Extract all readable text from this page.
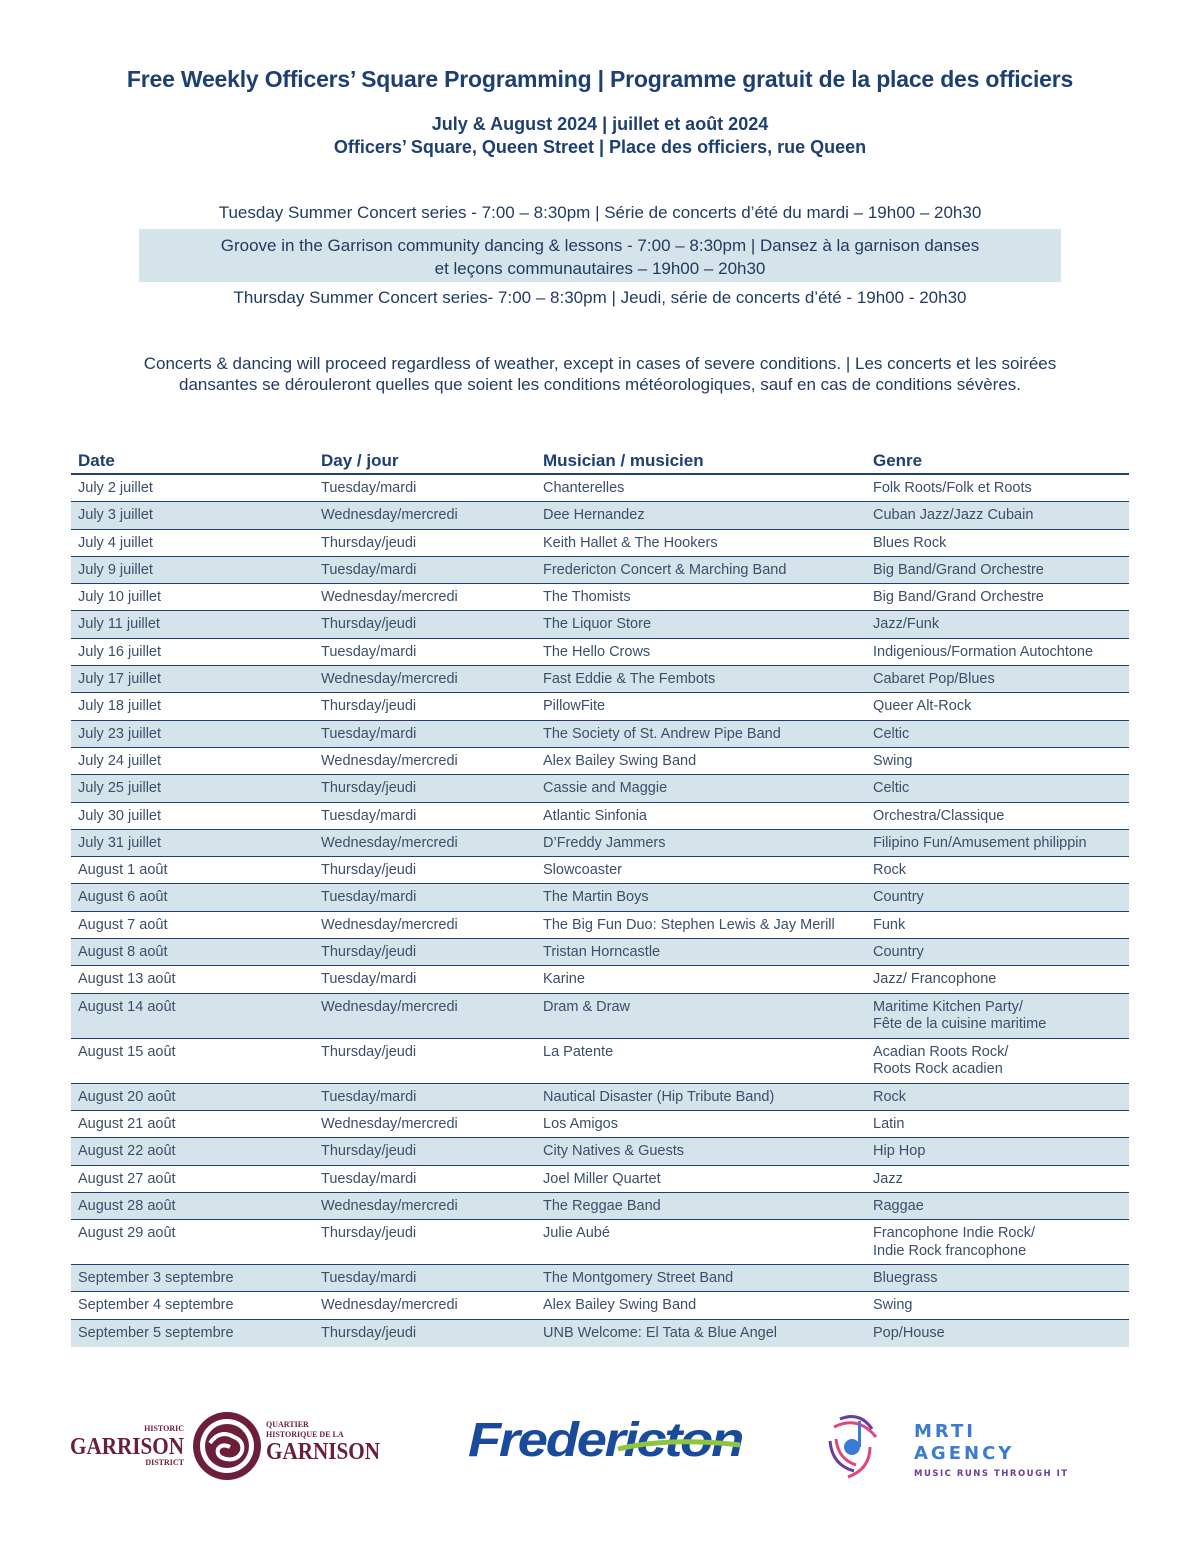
Free Weekly Officers’ Square Programming | Programme gratuit de la place des officiers
July & August 2024 | juillet et août 2024
Officers’ Square, Queen Street | Place des officiers, rue Queen
Tuesday Summer Concert series - 7:00 – 8:30pm | Série de concerts d’été du mardi – 19h00 – 20h30
Groove in the Garrison community dancing & lessons - 7:00 – 8:30pm | Dansez à la garnison danses
et leçons communautaires – 19h00 – 20h30
Thursday Summer Concert series- 7:00 – 8:30pm | Jeudi, série de concerts d’été - 19h00 - 20h30
Concerts & dancing will proceed regardless of weather, except in cases of severe conditions. | Les concerts et les soirées
dansantes se dérouleront quelles que soient les conditions météorologiques, sauf en cas de conditions sévères.
Date	Day / jour	Musician / musicien	Genre
July 2 juillet	Tuesday/mardi	Chanterelles	Folk Roots/Folk et Roots
July 3 juillet	Wednesday/mercredi	Dee Hernandez	Cuban Jazz/Jazz Cubain
July 4 juillet	Thursday/jeudi	Keith Hallet & The Hookers	Blues Rock
July 9 juillet	Tuesday/mardi	Fredericton Concert & Marching Band	Big Band/Grand Orchestre
July 10 juillet	Wednesday/mercredi	The Thomists	Big Band/Grand Orchestre
July 11 juillet	Thursday/jeudi	The Liquor Store	Jazz/Funk
July 16 juillet	Tuesday/mardi	The Hello Crows	Indigenious/Formation Autochtone
July 17 juillet	Wednesday/mercredi	Fast Eddie & The Fembots	Cabaret Pop/Blues
July 18 juillet	Thursday/jeudi	PillowFite	Queer Alt-Rock
July 23 juillet	Tuesday/mardi	The Society of St. Andrew Pipe Band	Celtic
July 24 juillet	Wednesday/mercredi	Alex Bailey Swing Band	Swing
July 25 juillet	Thursday/jeudi	Cassie and Maggie	Celtic
July 30 juillet	Tuesday/mardi	Atlantic Sinfonia	Orchestra/Classique
July 31 juillet	Wednesday/mercredi	D’Freddy Jammers	Filipino Fun/Amusement philippin
August 1 août	Thursday/jeudi	Slowcoaster	Rock
August 6 août	Tuesday/mardi	The Martin Boys	Country
August 7 août	Wednesday/mercredi	The Big Fun Duo: Stephen Lewis & Jay Merill	Funk
August 8 août	Thursday/jeudi	Tristan Horncastle	Country
August 13 août	Tuesday/mardi	Karine	Jazz/ Francophone
August 14 août	Wednesday/mercredi	Dram & Draw	Maritime Kitchen Party/
Fête de la cuisine maritime
August 15 août	Thursday/jeudi	La Patente	Acadian Roots Rock/
Roots Rock acadien
August 20 août	Tuesday/mardi	Nautical Disaster (Hip Tribute Band)	Rock
August 21 août	Wednesday/mercredi	Los Amigos	Latin
August 22 août	Thursday/jeudi	City Natives & Guests	Hip Hop
August 27 août	Tuesday/mardi	Joel Miller Quartet	Jazz
August 28 août	Wednesday/mercredi	The Reggae Band	Raggae
August 29 août	Thursday/jeudi	Julie Aubé	Francophone Indie Rock/
Indie Rock francophone
September 3 septembre	Tuesday/mardi	The Montgomery Street Band	Bluegrass
September 4 septembre	Wednesday/mercredi	Alex Bailey Swing Band	Swing
September 5 septembre	Thursday/jeudi	UNB Welcome: El Tata & Blue Angel	Pop/House
HISTORIC
GARRISON
DISTRICT
QUARTIER
HISTORIQUE DE LA
GARNISON Fredericton	MRTI
AGENCY
MUSIC RUNS THROUGH IT
